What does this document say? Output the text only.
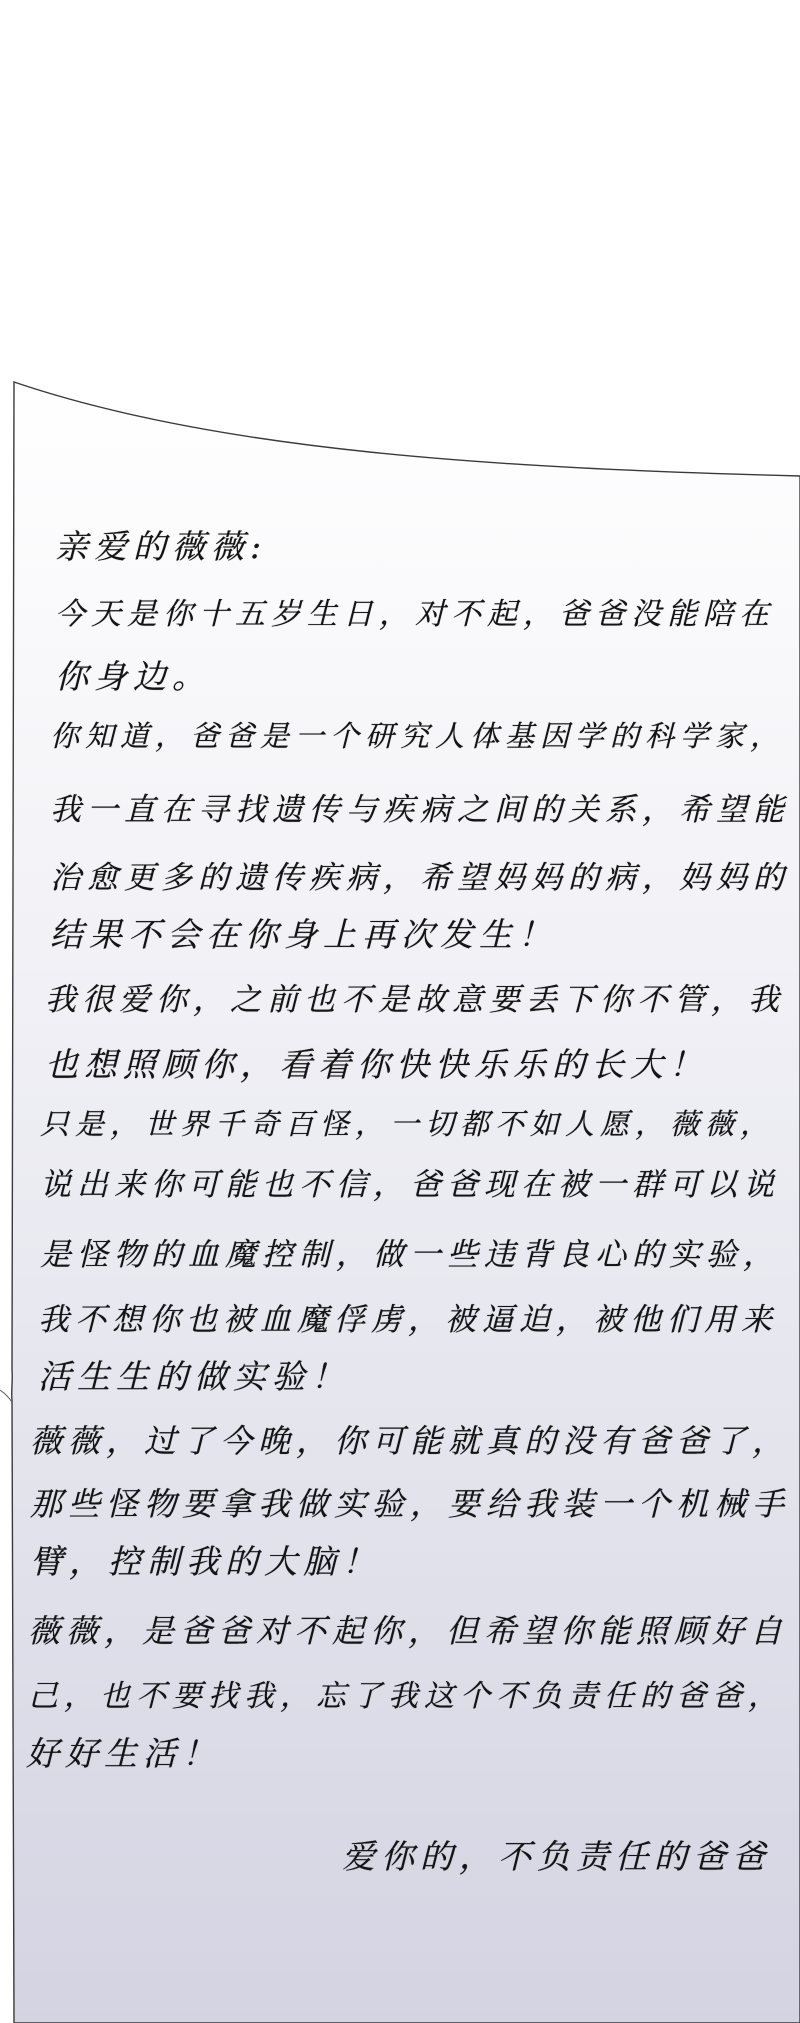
亲爱的薇薇:
今天是你十五岁生日，对不起，爸爸没能陪在
你身边。
你知道，爸爸是一个研究人体基因学的科学家，
我一直在寻找遗传与疾病之间的关系，希望能
治愈更多的遗传疾病，希望妈妈的病，妈妈的
结果不会在你身上再次发生！
我很爱你，之前也不是故意要丢下你不管，我
也想照顾你，看着你快快乐乐的长大！
只是，世界千奇百怪，一切都不如人愿，薇薇，
说出来你可能也不信，爸爸现在被一群可以说
是怪物的血魔控制，做一些违背良心的实验，
我不想你也被血魔俘虏，被逼迫，被他们用来
活生生的做实验！
薇薇，过了今晚，你可能就真的没有爸爸了，
那些怪物要拿我做实验，要给我装一个机械手
臂，控制我的大脑！
薇薇，是爸爸对不起你，但希望你能照顾好自
己，也不要找我，忘了我这个不负责任的爸爸，
好好生活！
爱你的，不负责任的爸爸
